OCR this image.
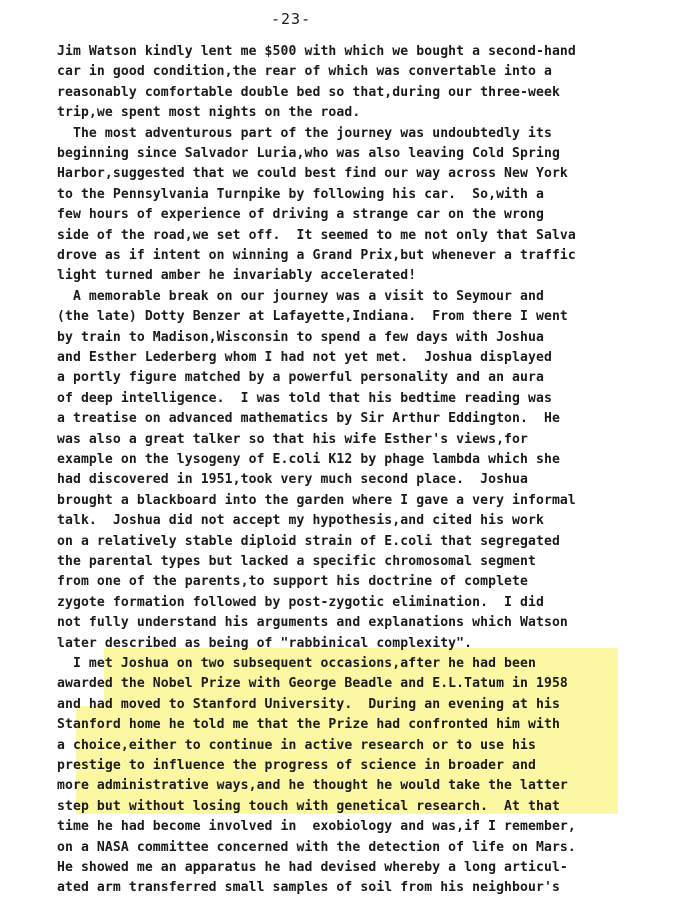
-23-
Jim Watson kindly lent me $500 with which we bought a second-hand
car in good condition,the rear of which was convertable into a
reasonably comfortable double bed so that,during our three-week
trip,we spent most nights on the road.
The most adventurous part of the journey was undoubtedly its
beginning since Salvador Luria,who was also leaving Cold Spring
Harbor,suggested that we could best find our way across New York
to the Pennsylvania Turnpike by following his car.  So,with a
few hours of experience of driving a strange car on the wrong
side of the road,we set off.  It seemed to me not only that Salva
drove as if intent on winning a Grand Prix,but whenever a traffic
light turned amber he invariably accelerated!
A memorable break on our journey was a visit to Seymour and
(the late) Dotty Benzer at Lafayette,Indiana.  From there I went
by train to Madison,Wisconsin to spend a few days with Joshua
and Esther Lederberg whom I had not yet met.  Joshua displayed
a portly figure matched by a powerful personality and an aura
of deep intelligence.  I was told that his bedtime reading was
a treatise on advanced mathematics by Sir Arthur Eddington.  He
was also a great talker so that his wife Esther's views,for
example on the lysogeny of E.coli K12 by phage lambda which she
had discovered in 1951,took very much second place.  Joshua
brought a blackboard into the garden where I gave a very informal
talk.  Joshua did not accept my hypothesis,and cited his work
on a relatively stable diploid strain of E.coli that segregated
the parental types but lacked a specific chromosomal segment
from one of the parents,to support his doctrine of complete
zygote formation followed by post-zygotic elimination.  I did
not fully understand his arguments and explanations which Watson
later described as being of "rabbinical complexity".
I met Joshua on two subsequent occasions,after he had been
awarded the Nobel Prize with George Beadle and E.L.Tatum in 1958
and had moved to Stanford University.  During an evening at his
Stanford home he told me that the Prize had confronted him with
a choice,either to continue in active research or to use his
prestige to influence the progress of science in broader and
more administrative ways,and he thought he would take the latter
step but without losing touch with genetical research.  At that
time he had become involved in  exobiology and was,if I remember,
on a NASA committee concerned with the detection of life on Mars.
He showed me an apparatus he had devised whereby a long articul-
ated arm transferred small samples of soil from his neighbour's
